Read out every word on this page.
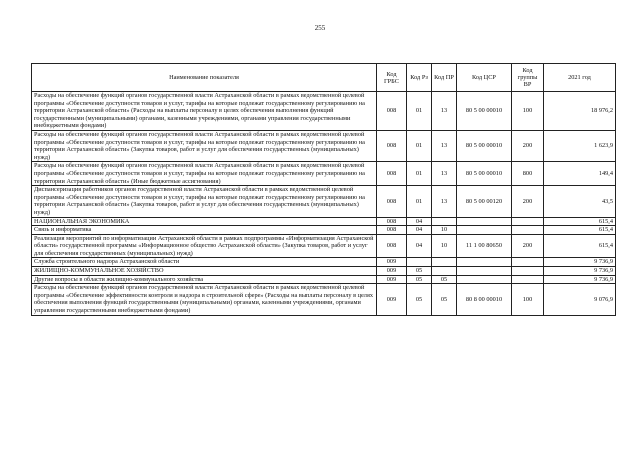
255
Наименование показателя	Код ГРБС	Код Рз	Код ПР	Код ЦСР	Код группы ВР	2021 год
Расходы на обеспечение функций органов государственной власти Астраханской области в рамках ведомственной целевой программы «Обеспечение доступности товаров и услуг, тарифы на которые подлежат государственному регулированию на территории Астраханской области» (Расходы на выплаты персоналу в целях обеспечения выполнения функций государственными (муниципальными) органами, казенными учреждениями, органами управления государственными внебюджетными фондами)	008	01	13	80 5 00 00010	100	18 976,2
Расходы на обеспечение функций органов государственной власти Астраханской области в рамках ведомственной целевой программы «Обеспечение доступности товаров и услуг, тарифы на которые подлежат государственному регулированию на территории Астраханской области» (Закупка товаров, работ и услуг для обеспечения государственных (муниципальных) нужд)	008	01	13	80 5 00 00010	200	1 623,9
Расходы на обеспечение функций органов государственной власти Астраханской области в рамках ведомственной целевой программы «Обеспечение доступности товаров и услуг, тарифы на которые подлежат государственному регулированию на территории Астраханской области» (Иные бюджетные ассигнования)	008	01	13	80 5 00 00010	800	149,4
Диспансеризация работников органов государственной власти Астраханской области в рамках ведомственной целевой программы «Обеспечение доступности товаров и услуг, тарифы на которые подлежат государственному регулированию на территории Астраханской области» (Закупка товаров, работ и услуг для обеспечения государственных (муниципальных) нужд)	008	01	13	80 5 00 00120	200	43,5
НАЦИОНАЛЬНАЯ ЭКОНОМИКА	008	04				615,4
Связь и информатика	008	04	10			615,4
Реализация мероприятий по информатизации Астраханской области в рамках подпрограммы «Информатизация Астраханской области» государственной программы «Информационное общество Астраханской области» (Закупка товаров, работ и услуг для обеспечения государственных (муниципальных) нужд)	008	04	10	11 1 00 80650	200	615,4
Служба строительного надзора Астраханской области	009					9 736,9
ЖИЛИЩНО-КОММУНАЛЬНОЕ ХОЗЯЙСТВО	009	05				9 736,9
Другие вопросы в области жилищно-коммунального хозяйства	009	05	05			9 736,9
Расходы на обеспечение функций органов государственной власти Астраханской области в рамках ведомственной целевой программы «Обеспечение эффективности контроля и надзора в строительной сфере» (Расходы на выплаты персоналу в целях обеспечения выполнения функций государственными (муниципальными) органами, казенными учреждениями, органами управления государственными внебюджетными фондами)	009	05	05	80 8 00 00010	100	9 076,9
